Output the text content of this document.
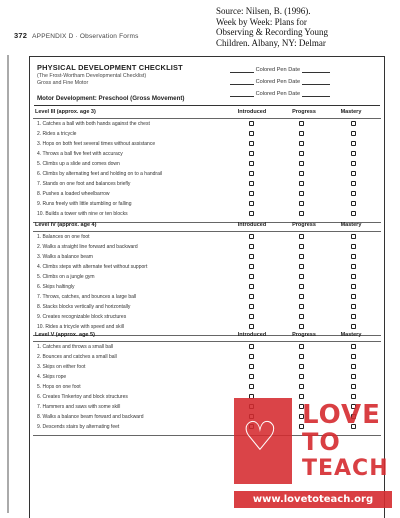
Source: Nilsen, B. (1996).
Week by Week: Plans for
Observing & Recording Young
Children. Albany, NY: Delmar
372 APPENDIX D · Observation Forms
PHYSICAL DEVELOPMENT CHECKLIST
(The Frost-Wortham Developmental Checklist)
Gross and Fine Motor
Colored Pen Date
Colored Pen Date
Colored Pen Date
Motor Development: Preschool (Gross Movement)
Level III (approx. age 3)	Introduced	Progress	Mastery
1. Catches a ball with both hands against the chest
2. Rides a tricycle
3. Hops on both feet several times without assistance
4. Throws a ball five feet with accuracy
5. Climbs up a slide and comes down
6. Climbs by alternating feet and holding on to a handrail
7. Stands on one foot and balances briefly
8. Pushes a loaded wheelbarrow
9. Runs freely with little stumbling or falling
10. Builds a tower with nine or ten blocks
Level IV (approx. age 4)	Introduced	Progress	Mastery
1. Balances on one foot
2. Walks a straight line forward and backward
3. Walks a balance beam
4. Climbs steps with alternate feet without support
5. Climbs on a jungle gym
6. Skips haltingly
7. Throws, catches, and bounces a large ball
8. Stacks blocks vertically and horizontally
9. Creates recognizable block structures
10. Rides a tricycle with speed and skill
Level V (approx. age 5)	Introduced	Progress	Mastery
1. Catches and throws a small ball
2. Bounces and catches a small ball
3. Skips on either foot
4. Skips rope
5. Hops on one foot
6. Creates Tinkertoy and block structures
7. Hammers and saws with some skill
8. Walks a balance beam forward and backward
9. Descends stairs by alternating feet	♡ LOVE
TO
TEACH
www.lovetoteach.org
